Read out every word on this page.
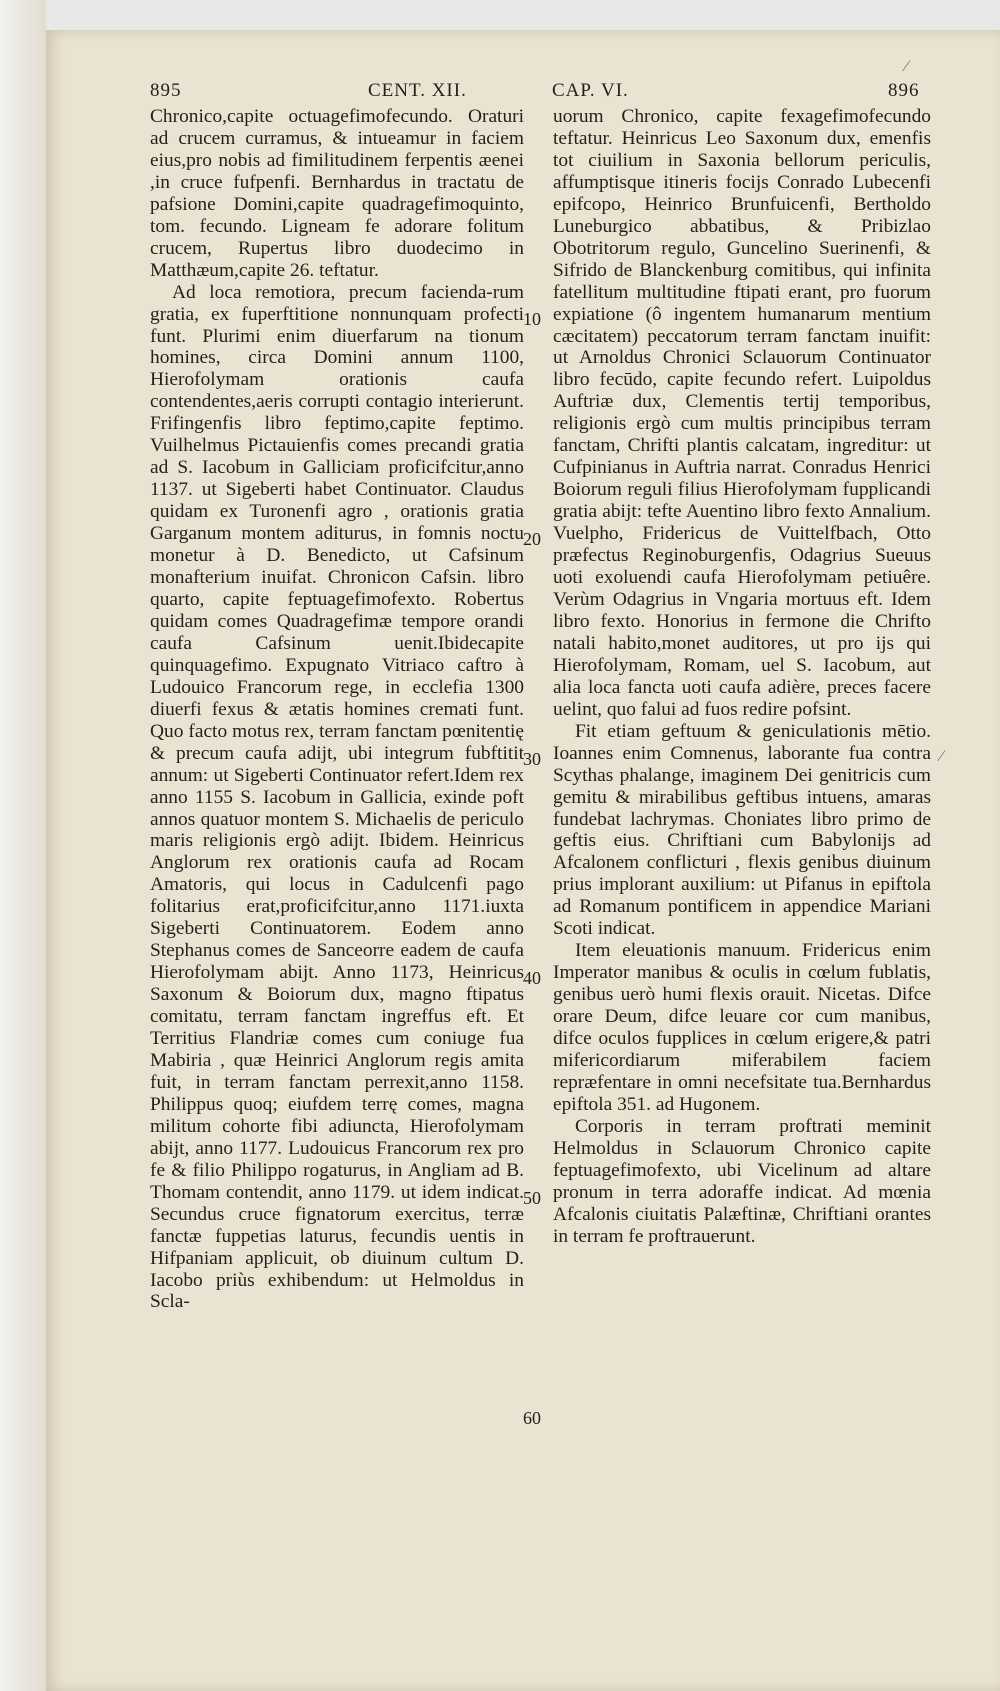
895	CENT. XII.	CAP. VI.	896

Chronico,capite octuagefimofecundo. Oraturi ad crucem curramus, & intueamur in faciem eius,pro nobis ad fimilitudinem ferpentis æenei ,in cruce fufpenfi. Bernhardus in tractatu de pafsione Domini,capite quadragefimoquinto, tom. fecundo. Ligneam fe adorare folitum crucem, Rupertus libro duodecimo in Matthæum,capite 26. teftatur.

Ad loca remotiora, precum facienda-rum gratia, ex fuperftitione nonnunquam profecti funt. Plurimi enim diuerfarum na tionum homines, circa Domini annum 1100, Hierofolymam orationis caufa contendentes,aeris corrupti contagio interierunt. Frifingenfis libro feptimo,capite feptimo. Vuilhelmus Pictauienfis comes precandi gratia ad S. Iacobum in Galliciam proficifcitur,anno 1137. ut Sigeberti habet Continuator. Claudus quidam ex Turonenfi agro , orationis gratia Garganum montem aditurus, in fomnis noctu monetur à D. Benedicto, ut Cafsinum monafterium inuifat. Chronicon Cafsin. libro quarto, capite feptuagefimofexto. Robertus quidam comes Quadragefimæ tempore orandi caufa Cafsinum uenit.Ibidecapite quinquagefimo. Expugnato Vitriaco caftro à Ludouico Francorum rege, in ecclefia 1300 diuerfi fexus & ætatis homines cremati funt. Quo facto motus rex, terram fanctam pœnitentię & precum caufa adijt, ubi integrum fubftitit annum: ut Sigeberti Continuator refert.Idem rex anno 1155 S. Iacobum in Gallicia, exinde poft annos quatuor montem S. Michaelis de periculo maris religionis ergò adijt. Ibidem. Heinricus Anglorum rex orationis caufa ad Rocam Amatoris, qui locus in Cadulcenfi pago folitarius erat,proficifcitur,anno 1171.iuxta Sigeberti Continuatorem. Eodem anno Stephanus comes de Sanceorre eadem de caufa Hierofolymam abijt. Anno 1173, Heinricus Saxonum & Boiorum dux, magno ftipatus comitatu, terram fanctam ingreffus eft. Et Territius Flandriæ comes cum coniuge fua Mabiria , quæ Heinrici Anglorum regis amita fuit, in terram fanctam perrexit,anno 1158. Philippus quoq; eiufdem terrę comes, magna militum cohorte fibi adiuncta, Hierofolymam abijt, anno 1177. Ludouicus Francorum rex pro fe & filio Philippo rogaturus, in Angliam ad B. Thomam contendit, anno 1179. ut idem indicat. Secundus cruce fignatorum exercitus, terræ fanctæ fuppetias laturus, fecundis uentis in Hifpaniam applicuit, ob diuinum cultum D. Iacobo priùs exhibendum: ut Helmoldus in Scla-

uorum Chronico, capite fexagefimofecundo teftatur. Heinricus Leo Saxonum dux, emenfis tot ciuilium in Saxonia bellorum periculis, affumptisque itineris focijs Conrado Lubecenfi epifcopo, Heinrico Brunfuicenfi, Bertholdo Luneburgico abbatibus, & Pribizlao Obotritorum regulo, Guncelino Suerinenfi, & Sifrido de Blanckenburg comitibus, qui infinita fatellitum multitudine ftipati erant, pro fuorum expiatione (ô ingentem humanarum mentium cæcitatem) peccatorum terram fanctam inuifit: ut Arnoldus Chronici Sclauorum Continuator libro fecūdo, capite fecundo refert. Luipoldus Auftriæ dux, Clementis tertij temporibus, religionis ergò cum multis principibus terram fanctam, Chrifti plantis calcatam, ingreditur: ut Cufpinianus in Auftria narrat. Conradus Henrici Boiorum reguli filius Hierofolymam fupplicandi gratia abijt: tefte Auentino libro fexto Annalium. Vuelpho, Fridericus de Vuittelfbach, Otto præfectus Reginoburgenfis, Odagrius Sueuus uoti exoluendi caufa Hierofolymam petiuêre. Verùm Odagrius in Vngaria mortuus eft. Idem libro fexto. Honorius in fermone die Chrifto natali habito,monet auditores, ut pro ijs qui Hierofolymam, Romam, uel S. Iacobum, aut alia loca fancta uoti caufa adière, preces facere uelint, quo falui ad fuos redire pofsint.

Fit etiam geftuum & geniculationis mētio. Ioannes enim Comnenus, laborante fua contra Scythas phalange, imaginem Dei genitricis cum gemitu & mirabilibus geftibus intuens, amaras fundebat lachrymas. Choniates libro primo de geftis eius. Chriftiani cum Babylonijs ad Afcalonem conflicturi , flexis genibus diuinum prius implorant auxilium: ut Pifanus in epiftola ad Romanum pontificem in appendice Mariani Scoti indicat.

Item eleuationis manuum. Fridericus enim Imperator manibus & oculis in cœlum fublatis, genibus uerò humi flexis orauit. Nicetas. Difce orare Deum, difce leuare cor cum manibus, difce oculos fupplices in cœlum erigere,& patri mifericordiarum miferabilem faciem repræfentare in omni necefsitate tua.Bernhardus epiftola 351. ad Hugonem.

Corporis in terram proftrati meminit Helmoldus in Sclauorum Chronico capite feptuagefimofexto, ubi Vicelinum ad altare pronum in terra adoraffe indicat. Ad mœnia Afcalonis ciuitatis Palæftinæ, Chriftiani orantes in terram fe proftrauerunt.

10
20
30
40
50
60
⁄
⁄
